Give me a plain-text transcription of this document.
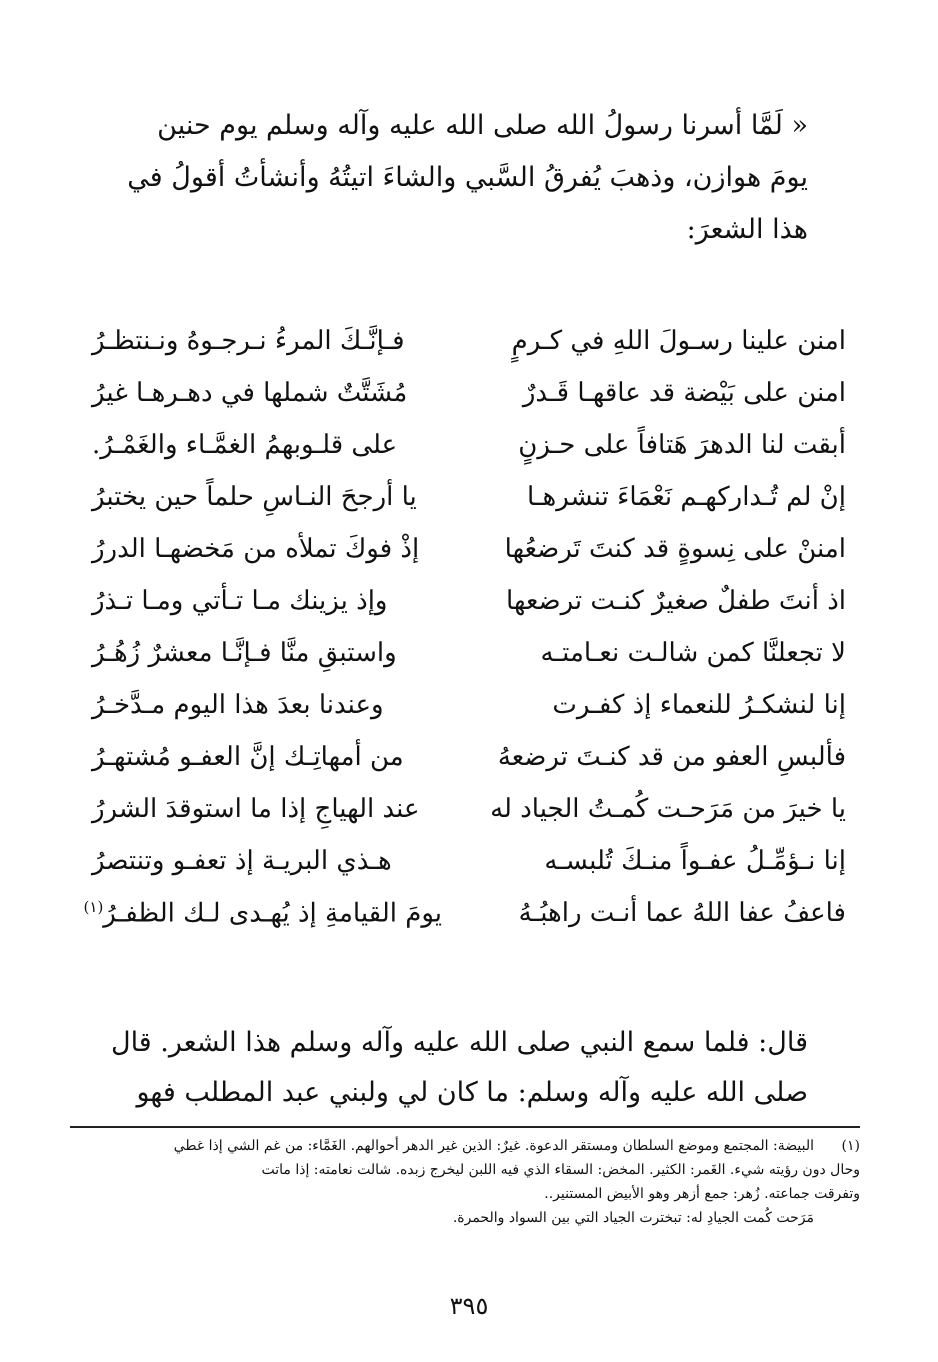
« لَمَّا أسرنا رسولُ الله صلى الله عليه وآله وسلم يوم حنين
يومَ هوازن، وذهبَ يُفرقُ السَّبي والشاءَ اتيتُهُ وأنشأتُ أقولُ في
هذا الشعرَ:
امنن علينا رسـولَ اللهِ في كـرمٍ
فـإنَّـكَ المرءُ نـرجـوهُ ونـنتظـرُ
امنن على بَيْضة قد عاقهـا قَـدرٌ
مُشَتَّتٌ شملها في دهـرهـا غيرُ
أبقت لنا الدهرَ هَتافاً على حـزنٍ
على قلـوبهمُ الغمَّـاء والغَمْـرُ.
إنْ لم تُـداركهـم نَعْمَاءَ تنشرهـا
يا أرجحَ النـاسِ حلماً حين يختبرُ
امننْ على نِسوةٍ قد كنتَ تَرضعُها
إذْ فوكَ تملأه من مَخضهـا الدررُ
اذ أنتَ طفلٌ صغيرٌ كنـت ترضعها
وإذ يزينك مـا تـأتي ومـا تـذرُ
لا تجعلنَّا كمن شالـت نعـامتـه
واستبقِ منَّا فـإنَّـا معشرٌ زُهُـرُ
إنا لنشكـرُ للنعماء إذ كفـرت
وعندنا بعدَ هذا اليوم مـدَّخـرُ
فألبسِ العفو من قد كنـتَ ترضعهُ
من أمهاتِـك إنَّ العفـو مُشتهـرُ
يا خيرَ من مَرَحـت كُمـتُ الجياد له
عند الهياجِ إذا ما استوقدَ الشررُ
إنا نـؤمِّـلُ عفـواً منـكَ تُلبسـه
هـذي البريـة إذ تعفـو وتنتصرُ
فاعفُ عفا اللهُ عما أنـت راهبُـهُ
يومَ القيامةِ إذ يُهـدى لـك الظفـرُ$^{(١)}$
قال: فلما سمع النبي صلى الله عليه وآله وسلم هذا الشعر. قال
صلى الله عليه وآله وسلم: ما كان لي ولبني عبد المطلب فهو
(١)البيضة: المجتمع وموضع السلطان ومستقر الدعوة. غيرٌ: الذين غير الدهر أحوالهم. الغَمَّاء: من غم الشي إذا غطي
وحال دون رؤيته شيء. الغَمر: الكثير. المخض: السقاء الذي فيه اللبن ليخرج زبده. شالت نعامته: إذا ماتت
وتفرقت جماعته. زُهر: جمع أزهر وهو الأبيض المستنير..
مَرَحت كُمت الجيادِ له: تبخترت الجياد التي بين السواد والحمرة.
٣٩٥
